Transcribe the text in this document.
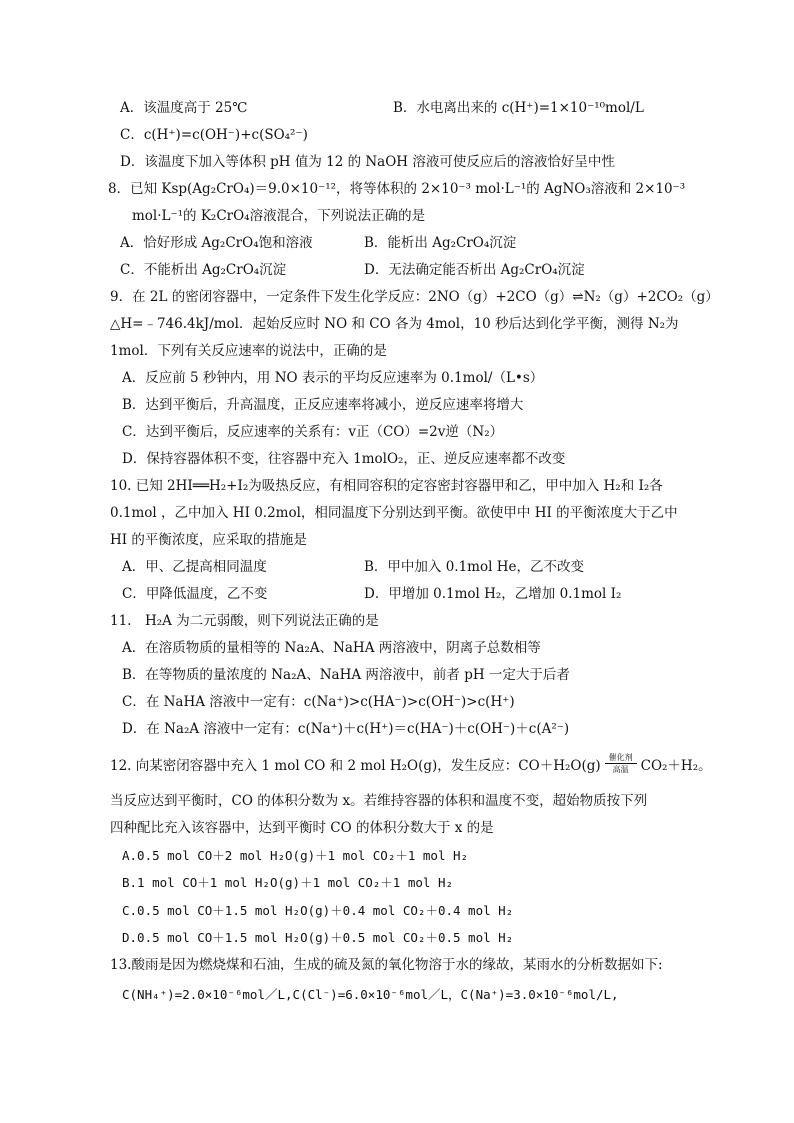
A．该温度高于 25℃	B．水电离出来的 c(H⁺)=1×10⁻¹⁰mol/L
C．c(H⁺)=c(OH⁻)+c(SO₄²⁻)
D．该温度下加入等体积 pH 值为 12 的 NaOH 溶液可使反应后的溶液恰好呈中性
8．已知 Ksp(Ag₂CrO₄)＝9.0×10⁻¹²，将等体积的 2×10⁻³ mol·L⁻¹的 AgNO₃溶液和 2×10⁻³
mol·L⁻¹的 K₂CrO₄溶液混合，下列说法正确的是
A．恰好形成 Ag₂CrO₄饱和溶液	B．能析出 Ag₂CrO₄沉淀
C．不能析出 Ag₂CrO₄沉淀	D．无法确定能否析出 Ag₂CrO₄沉淀
9．在 2L 的密闭容器中，一定条件下发生化学反应：2NO（g）+2CO（g）⇌N₂（g）+2CO₂（g）
△H=﹣746.4kJ/mol．起始反应时 NO 和 CO 各为 4mol，10 秒后达到化学平衡，测得 N₂为
1mol．下列有关反应速率的说法中，正确的是
A．反应前 5 秒钟内，用 NO 表示的平均反应速率为 0.1mol/（L•s）
B．达到平衡后，升高温度，正反应速率将减小，逆反应速率将增大
C．达到平衡后，反应速率的关系有：v正（CO）=2v逆（N₂）
D．保持容器体积不变，往容器中充入 1molO₂，正、逆反应速率都不改变
10. 已知 2HI══H₂+I₂为吸热反应，有相同容积的定容密封容器甲和乙，甲中加入 H₂和 I₂各
0.1mol ，乙中加入 HI 0.2mol，相同温度下分别达到平衡。欲使甲中 HI 的平衡浓度大于乙中
HI 的平衡浓度，应采取的措施是
A．甲、乙提高相同温度	B．甲中加入 0.1mol He，乙不改变
C．甲降低温度，乙不变	D．甲增加 0.1mol H₂，乙增加 0.1mol I₂
11.　H₂A 为二元弱酸，则下列说法正确的是
A．在溶质物质的量相等的 Na₂A、NaHA 两溶液中，阴离子总数相等
B．在等物质的量浓度的 Na₂A、NaHA 两溶液中，前者 pH 一定大于后者
C．在 NaHA 溶液中一定有：c(Na⁺)>c(HA⁻)>c(OH⁻)>c(H⁺)
D．在 Na₂A 溶液中一定有：c(Na⁺)＋c(H⁺)＝c(HA⁻)＋c(OH⁻)＋c(A²⁻)
12. 向某密闭容器中充入 1 mol CO 和 2 mol H₂O(g)，发生反应：CO＋H₂O(g)
催化剂
高温 CO₂＋H₂。
当反应达到平衡时，CO 的体积分数为 x。若维持容器的体积和温度不变，超始物质按下列
四种配比充入该容器中，达到平衡时 CO 的体积分数大于 x 的是
A.0.5 mol CO＋2 mol H₂O(g)＋1 mol CO₂＋1 mol H₂
B.1 mol CO＋1 mol H₂O(g)＋1 mol CO₂＋1 mol H₂
C.0.5 mol CO＋1.5 mol H₂O(g)＋0.4 mol CO₂＋0.4 mol H₂
D.0.5 mol CO＋1.5 mol H₂O(g)＋0.5 mol CO₂＋0.5 mol H₂
13.酸雨是因为燃烧煤和石油，生成的硫及氮的氧化物溶于水的缘故，某雨水的分析数据如下:
C(NH₄⁺)=2.0×10⁻⁶mol／L,C(Cl⁻)=6.0×10⁻⁶mol／L，C(Na⁺)=3.0×10⁻⁶mol/L,
